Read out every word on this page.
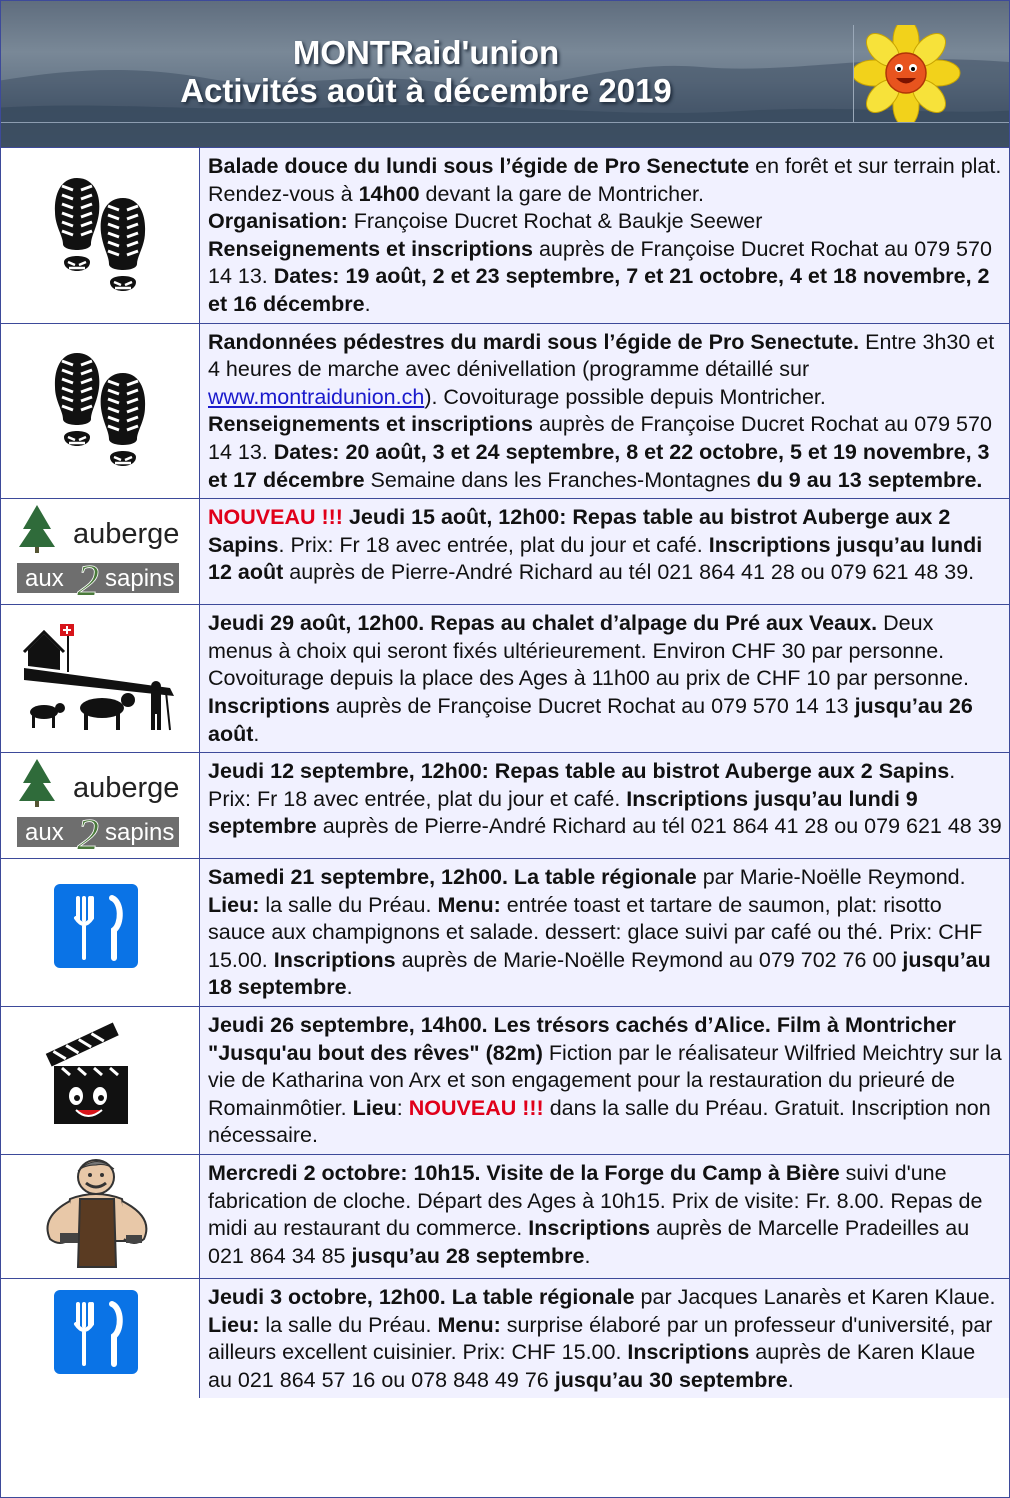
MONTRaid'union
Activités août à décembre 2019
Balade douce du lundi sous l’égide de Pro Senectute en forêt et sur terrain plat. Rendez-vous à 14h00 devant la gare de Montricher.
Organisation: Françoise Ducret Rochat & Baukje Seewer
Renseignements et inscriptions auprès de Françoise Ducret Rochat au 079 570 14 13. Dates: 19 août, 2 et 23 septembre, 7 et 21 octobre, 4 et 18 novembre, 2 et 16 décembre.
Randonnées pédestres du mardi sous l’égide de Pro Senectute. Entre 3h30 et 4 heures de marche avec dénivellation (programme détaillé sur www.montraidunion.ch). Covoiturage possible depuis Montricher.
Renseignements et inscriptions auprès de Françoise Ducret Rochat au 079 570 14 13. Dates: 20 août, 3 et 24 septembre, 8 et 22 octobre, 5 et 19 novembre, 3 et 17 décembre Semaine dans les Franches-Montagnes du 9 au 13 septembre.
auberge
aux 2 sapins
NOUVEAU !!! Jeudi 15 août, 12h00: Repas table au bistrot Auberge aux 2 Sapins. Prix: Fr 18 avec entrée, plat du jour et café. Inscriptions jusqu’au lundi 12 août auprès de Pierre-André Richard au tél 021 864 41 28 ou 079 621 48 39.
Jeudi 29 août, 12h00. Repas au chalet d’alpage du Pré aux Veaux. Deux menus à choix qui seront fixés ultérieurement. Environ CHF 30 par personne. Covoiturage depuis la place des Ages à 11h00 au prix de CHF 10 par personne. Inscriptions auprès de Françoise Ducret Rochat au 079 570 14 13 jusqu’au 26 août.
auberge
aux 2 sapins
Jeudi 12 septembre, 12h00: Repas table au bistrot Auberge aux 2 Sapins. Prix: Fr 18 avec entrée, plat du jour et café. Inscriptions jusqu’au lundi 9 septembre auprès de Pierre-André Richard au tél 021 864 41 28 ou 079 621 48 39
Samedi 21 septembre, 12h00. La table régionale par Marie-Noëlle Reymond. Lieu: la salle du Préau. Menu: entrée toast et tartare de saumon, plat: risotto sauce aux champignons et salade. dessert: glace suivi par café ou thé. Prix: CHF 15.00. Inscriptions auprès de Marie-Noëlle Reymond au 079 702 76 00 jusqu’au 18 septembre.
Jeudi 26 septembre, 14h00. Les trésors cachés d’Alice. Film à Montricher "Jusqu'au bout des rêves" (82m) Fiction par le réalisateur Wilfried Meichtry sur la vie de Katharina von Arx et son engagement pour la restauration du prieuré de Romainmôtier. Lieu: NOUVEAU !!! dans la salle du Préau. Gratuit. Inscription non nécessaire.
Mercredi 2 octobre: 10h15. Visite de la Forge du Camp à Bière suivi d'une fabrication de cloche. Départ des Ages à 10h15. Prix de visite: Fr. 8.00. Repas de midi au restaurant du commerce. Inscriptions auprès de Marcelle Pradeilles au 021 864 34 85 jusqu’au 28 septembre.
Jeudi 3 octobre, 12h00. La table régionale par Jacques Lanarès et Karen Klaue. Lieu: la salle du Préau. Menu: surprise élaboré par un professeur d'université, par ailleurs excellent cuisinier. Prix: CHF 15.00. Inscriptions auprès de Karen Klaue au 021 864 57 16 ou 078 848 49 76 jusqu’au 30 septembre.
